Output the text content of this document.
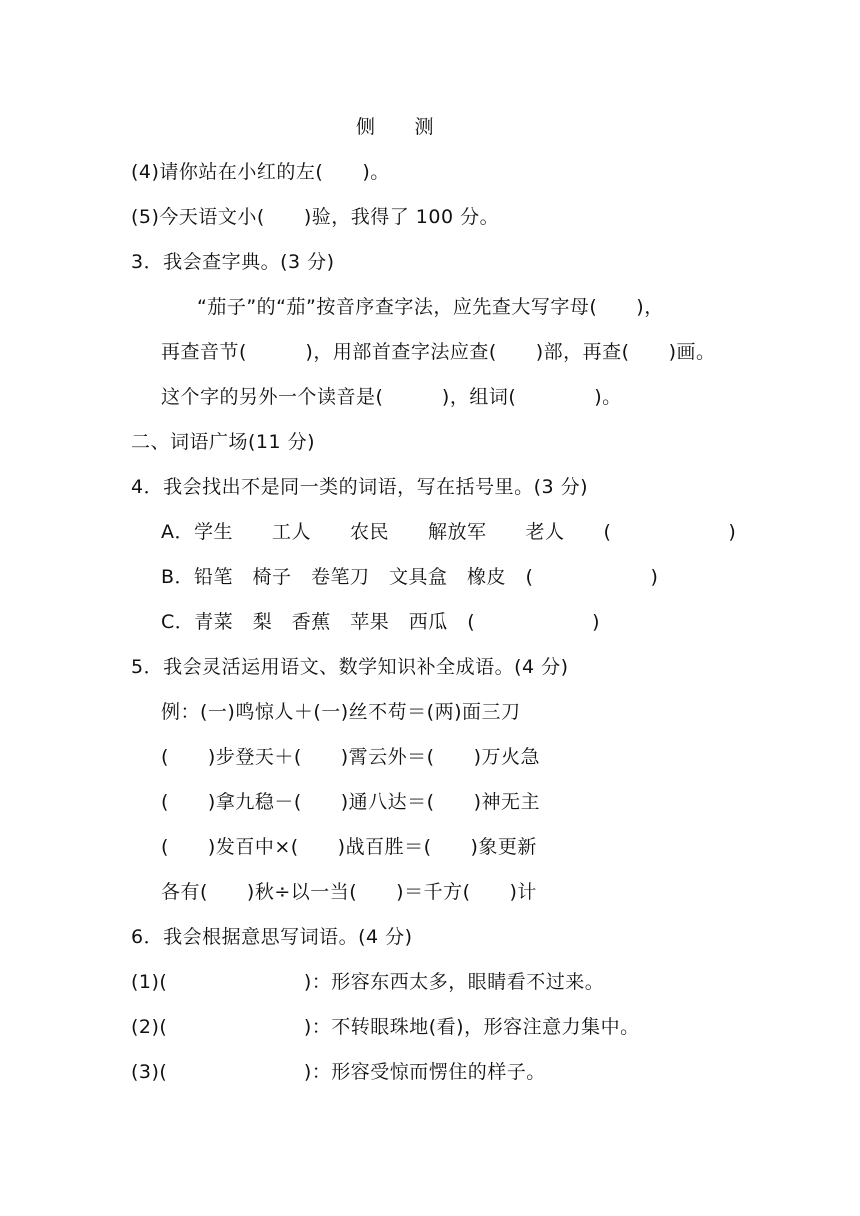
侧　　测
(4)请你站在小红的左(　　)。
(5)今天语文小(　　)验，我得了 100 分。
3．我会查字典。(3 分)
“茄子”的“茄”按音序查字法，应先查大写字母(　　)，
再查音节(　　　)，用部首查字法应查(　　)部，再查(　　)画。
这个字的另外一个读音是(　　　)，组词(　　　　)。
二、词语广场(11 分)
4．我会找出不是同一类的词语，写在括号里。(3 分)
A．学生　　工人　　农民　　解放军　　老人　　(　　　　　　)
B．铅笔　椅子　卷笔刀　文具盒　橡皮　(　　　　　　)
C．青菜　梨　香蕉　苹果　西瓜　(　　　　　　)
5．我会灵活运用语文、数学知识补全成语。(4 分)
例：(一)鸣惊人＋(一)丝不苟＝(两)面三刀
(　　)步登天＋(　　)霄云外＝(　　)万火急
(　　)拿九稳－(　　)通八达＝(　　)神无主
(　　)发百中×(　　)战百胜＝(　　)象更新
各有(　　)秋÷以一当(　　)＝千方(　　)计
6．我会根据意思写词语。(4 分)
(1)(　　　　　　　)：形容东西太多，眼睛看不过来。
(2)(　　　　　　　)：不转眼珠地(看)，形容注意力集中。
(3)(　　　　　　　)：形容受惊而愣住的样子。
